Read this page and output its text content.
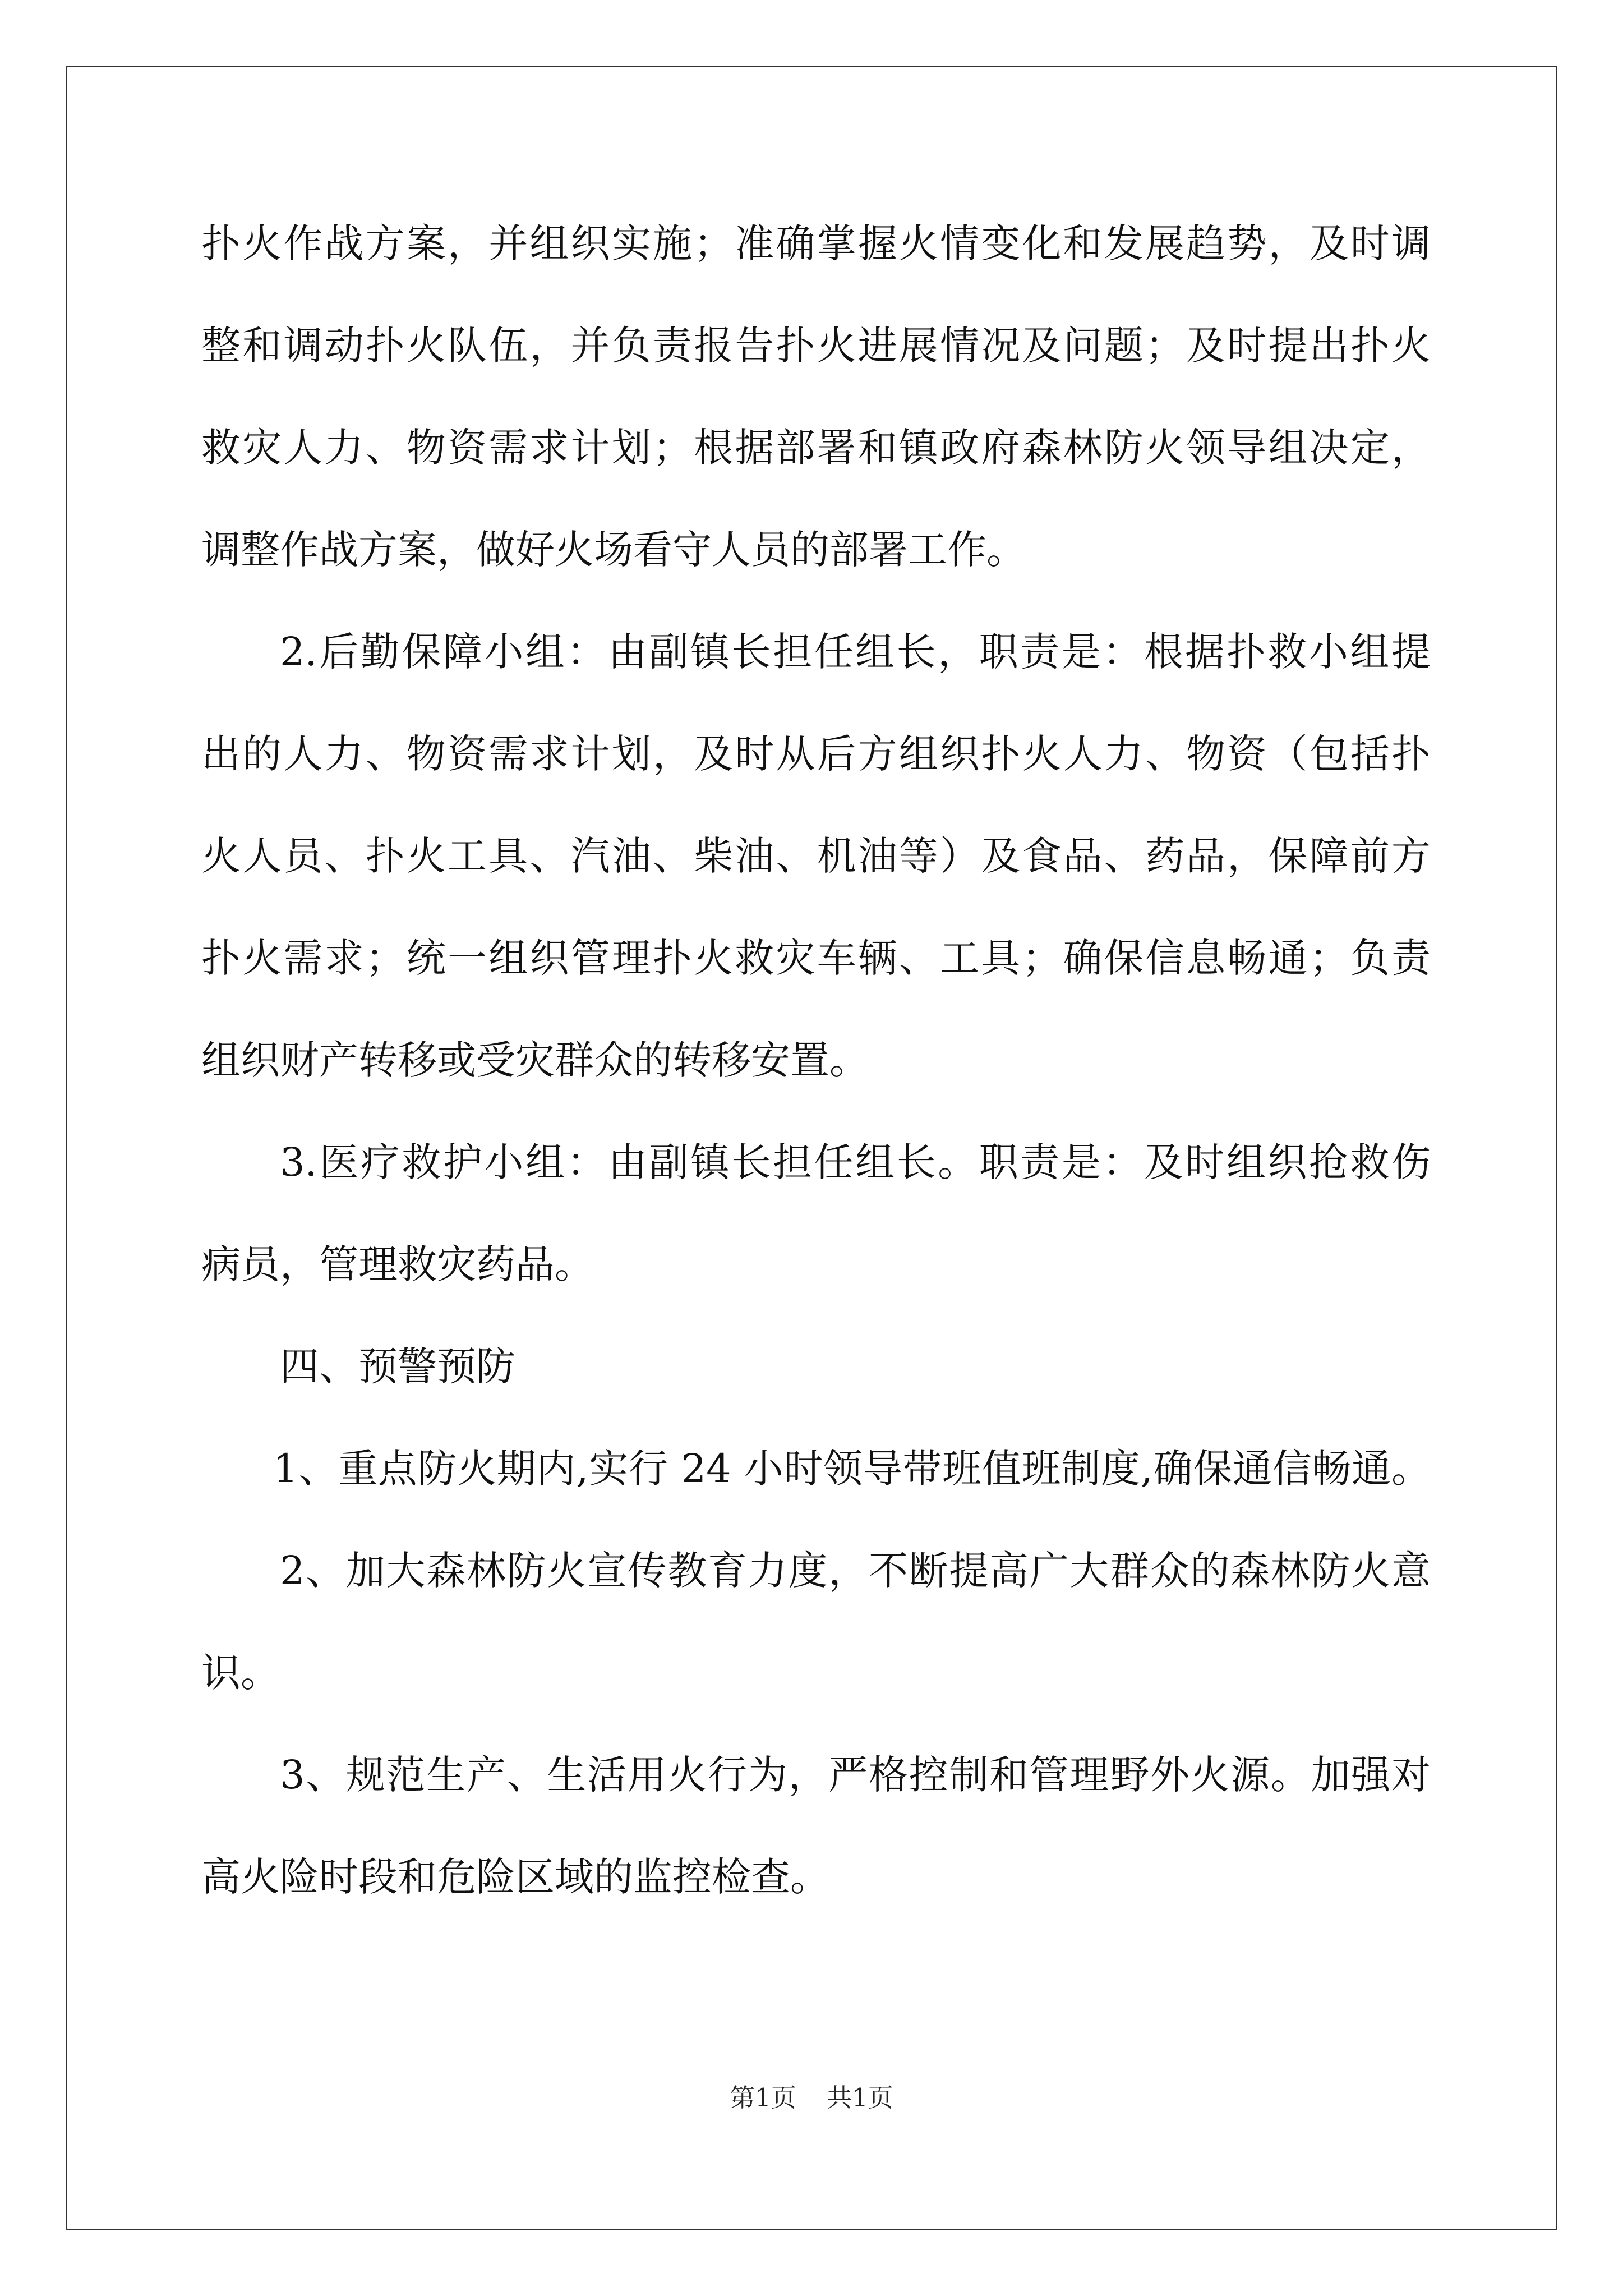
扑火作战方案，并组织实施；准确掌握火情变化和发展趋势，及时调
整和调动扑火队伍，并负责报告扑火进展情况及问题；及时提出扑火
救灾人力、物资需求计划；根据部署和镇政府森林防火领导组决定，
调整作战方案，做好火场看守人员的部署工作。
2.后勤保障小组：由副镇长担任组长，职责是：根据扑救小组提
出的人力、物资需求计划，及时从后方组织扑火人力、物资（包括扑
火人员、扑火工具、汽油、柴油、机油等）及食品、药品，保障前方
扑火需求；统一组织管理扑火救灾车辆、工具；确保信息畅通；负责
组织财产转移或受灾群众的转移安置。
3.医疗救护小组：由副镇长担任组长。职责是：及时组织抢救伤
病员，管理救灾药品。
四、预警预防
1、重点防火期内,实行 24 小时领导带班值班制度,确保通信畅通。
2、加大森林防火宣传教育力度，不断提高广大群众的森林防火意
识。
3、规范生产、生活用火行为，严格控制和管理野外火源。加强对
高火险时段和危险区域的监控检查。
第1页 共1页
